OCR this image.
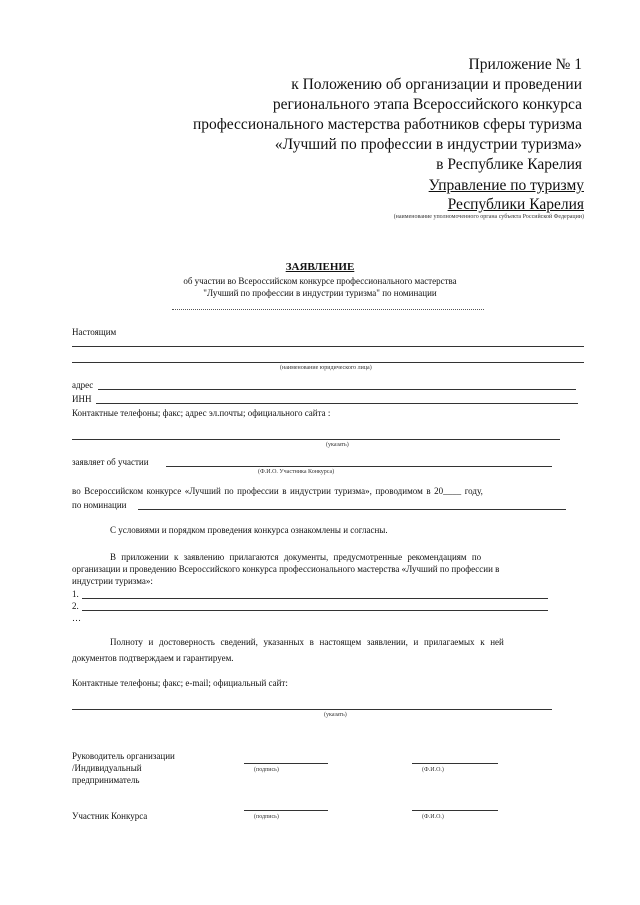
Приложение № 1
к Положению об организации и проведении
регионального этапа Всероссийского конкурса
профессионального мастерства работников сферы туризма
«Лучший по профессии в индустрии туризма»
в Республике Карелия
Управление по туризму
Республики Карелия
(наименование уполномоченного органа субъекта Российской Федерации)
ЗАЯВЛЕНИЕ
об участии во Всероссийском конкурсе профессионального мастерства
"Лучший по профессии в индустрии туризма" по номинации
Настоящим
(наименование юридического лица)
адрес
ИНН
Контактные телефоны; факс; адрес эл.почты; официального сайта :
(указать)
заявляет об участии
(Ф.И.О. Участника Конкурса)
во Всероссийском конкурсе «Лучший по профессии в индустрии туризма», проводимом в 20____ году,
по номинации
С условиями и порядком проведения конкурса ознакомлены и согласны.
В приложении к заявлению прилагаются документы, предусмотренные рекомендациям по
организации и проведению Всероссийского конкурса профессионального мастерства «Лучший по профессии в
индустрии туризма»:
1.
2.
…
Полноту и достоверность сведений, указанных в настоящем заявлении, и прилагаемых к ней
документов подтверждаем и гарантируем.
Контактные телефоны; факс; e-mail; официальный сайт:
(указать)
Руководитель организации
/Индивидуальный
предприниматель
(подпись)	(Ф.И.О.)
Участник Конкурса	(подпись)	(Ф.И.О.)
